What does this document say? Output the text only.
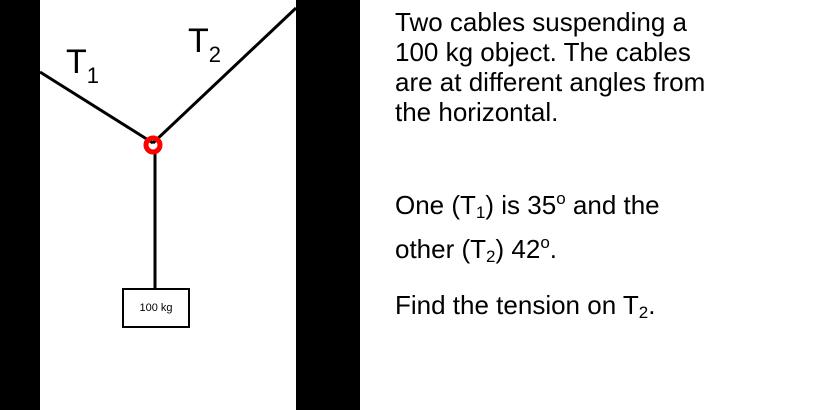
$T_1$
$T_2$
100 kg
Two cables suspending a
100 kg object. The cables
are at different angles from
the horizontal.
One (T1) is 35$^o$ and the
other (T2) 42$^o$.
Find the tension on T2.
